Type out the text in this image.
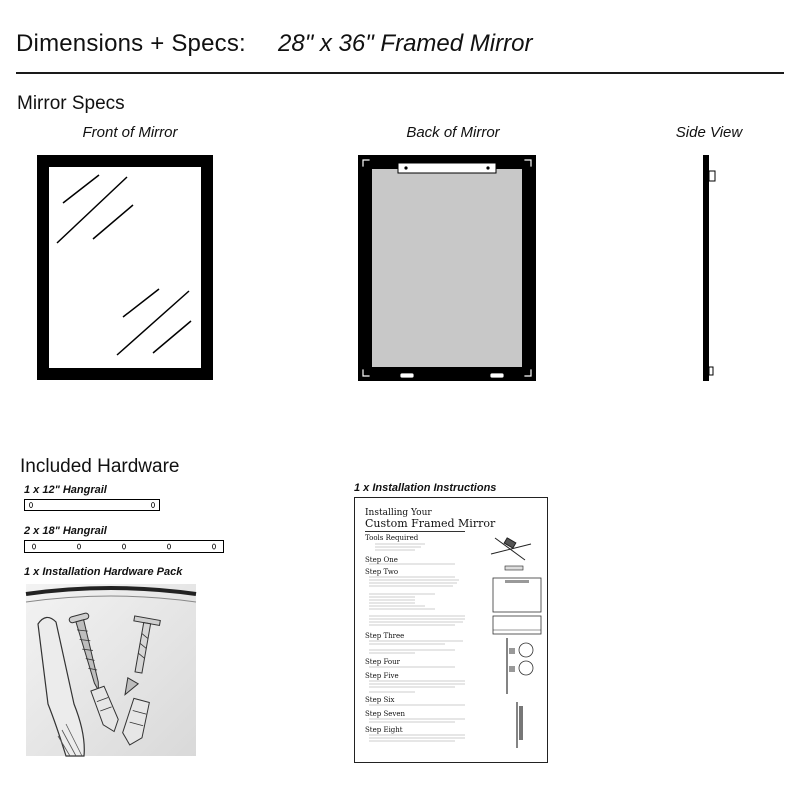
Dimensions + Specs: 28" x 36" Framed Mirror
Mirror Specs
Front of Mirror	Back of Mirror	Side View
Included Hardware
1 x 12" Hangrail
2 x 18" Hangrail
1 x Installation Hardware Pack
1 x Installation Instructions
Installing Your
Custom Framed Mirror
Tools Required
Step One
Step Two
Step Three
Step Four
Step Five
Step Six
Step Seven
Step Eight
